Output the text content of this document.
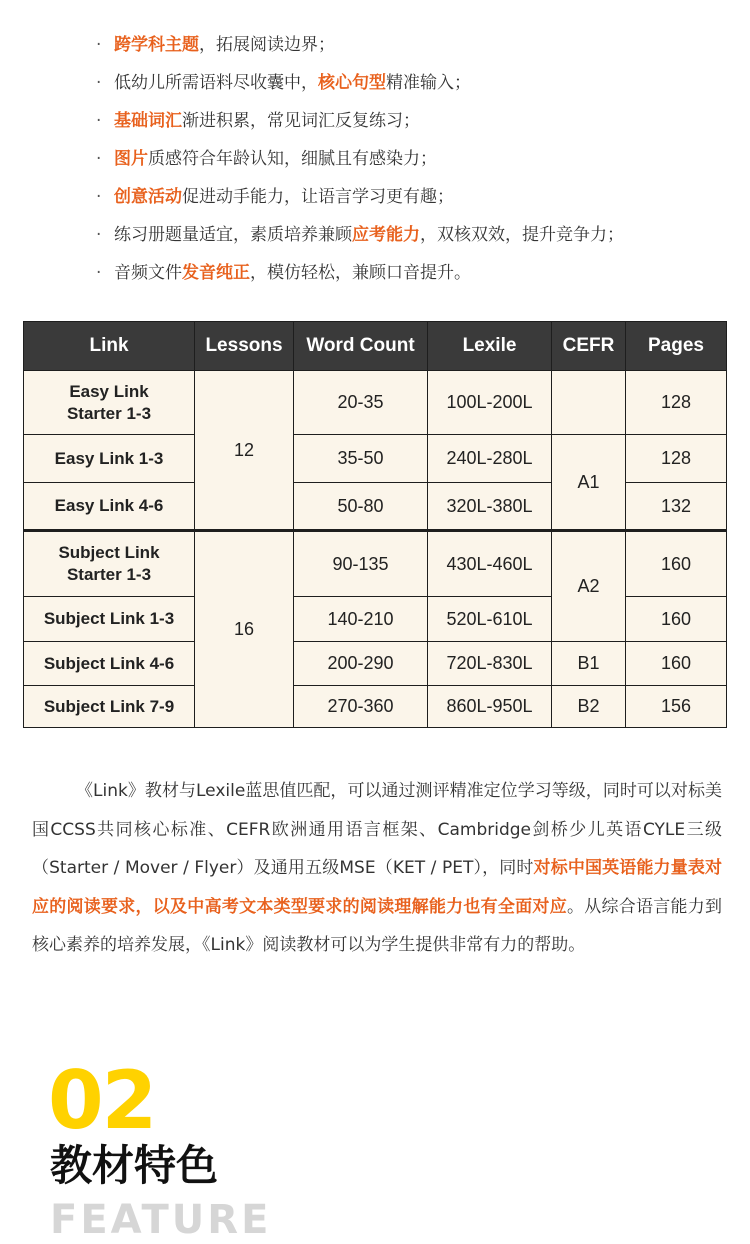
· 跨学科主题，拓展阅读边界；
· 低幼儿所需语料尽收囊中，核心句型精准输入；
· 基础词汇渐进积累，常见词汇反复练习；
· 图片质感符合年龄认知，细腻且有感染力；
· 创意活动促进动手能力，让语言学习更有趣；
· 练习册题量适宜，素质培养兼顾应考能力，双核双效，提升竞争力；
· 音频文件发音纯正，模仿轻松，兼顾口音提升。
Link	Lessons	Word Count	Lexile	CEFR	Pages
Easy Link
Starter 1-3	12	20-35	100L-200L		128
Easy Link 1-3		35-50	240L-280L	A1	128
Easy Link 4-6		50-80	320L-380L		132
Subject Link
Starter 1-3	16	90-135	430L-460L	A2	160
Subject Link 1-3		140-210	520L-610L		160
Subject Link 4-6		200-290	720L-830L	B1	160
Subject Link 7-9		270-360	860L-950L	B2	156
《Link》教材与Lexile蓝思值匹配，可以通过测评精准定位学习等级，同时可以对标美国CCSS共同核心标准、CEFR欧洲通用语言框架、Cambridge剑桥少儿英语CYLE三级（Starter / Mover / Flyer）及通用五级MSE（KET / PET），同时对标中国英语能力量表对应的阅读要求，以及中高考文本类型要求的阅读理解能力也有全面对应。从综合语言能力到核心素养的培养发展，《Link》阅读教材可以为学生提供非常有力的帮助。
02
教材特色
FEATURE
